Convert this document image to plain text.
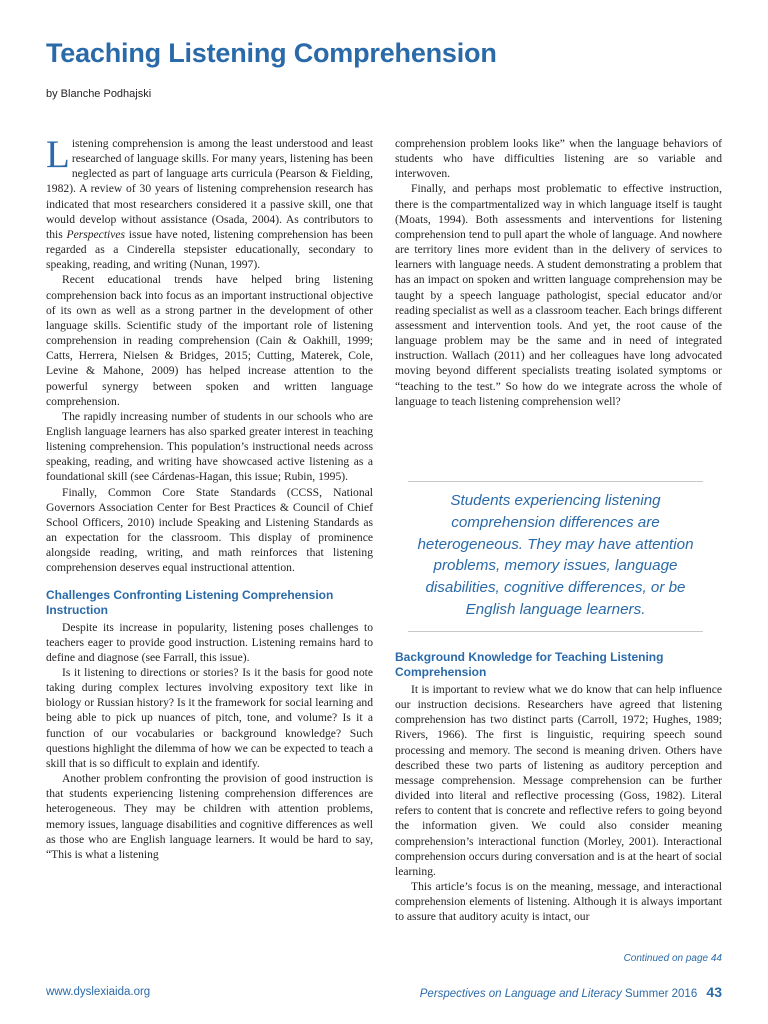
Teaching Listening Comprehension
by Blanche Podhajski

Listening comprehension is among the least understood and least researched of language skills. For many years, listening has been neglected as part of language arts curricula (Pearson & Fielding, 1982). A review of 30 years of listening comprehension research has indicated that most researchers considered it a passive skill, one that would develop without assistance (Osada, 2004). As contributors to this Perspectives issue have noted, listening comprehension has been regarded as a Cinderella stepsister educationally, secondary to speaking, reading, and writing (Nunan, 1997).

Recent educational trends have helped bring listening comprehension back into focus as an important instructional objective of its own as well as a strong partner in the development of other language skills. Scientific study of the important role of listening comprehension in reading comprehension (Cain & Oakhill, 1999; Catts, Herrera, Nielsen & Bridges, 2015; Cutting, Materek, Cole, Levine & Mahone, 2009) has helped increase attention to the powerful synergy between spoken and written language comprehension.

The rapidly increasing number of students in our schools who are English language learners has also sparked greater interest in teaching listening comprehension. This population’s instructional needs across speaking, reading, and writing have showcased active listening as a foundational skill (see Cárdenas-Hagan, this issue; Rubin, 1995).

Finally, Common Core State Standards (CCSS, National Governors Association Center for Best Practices & Council of Chief School Officers, 2010) include Speaking and Listening Standards as an expectation for the classroom. This display of prominence alongside reading, writing, and math reinforces that listening comprehension deserves equal instructional attention.

Challenges Confronting Listening Comprehension Instruction

Despite its increase in popularity, listening poses challenges to teachers eager to provide good instruction. Listening remains hard to define and diagnose (see Farrall, this issue).

Is it listening to directions or stories? Is it the basis for good note taking during complex lectures involving expository text like in biology or Russian history? Is it the framework for social learning and being able to pick up nuances of pitch, tone, and volume? Is it a function of our vocabularies or background knowledge? Such questions highlight the dilemma of how we can be expected to teach a skill that is so difficult to explain and identify.

Another problem confronting the provision of good instruction is that students experiencing listening comprehension differences are heterogeneous. They may be children with attention problems, memory issues, language disabilities and cognitive differences as well as those who are English language learners. It would be hard to say, “This is what a listening

comprehension problem looks like” when the language behaviors of students who have difficulties listening are so variable and interwoven.

Finally, and perhaps most problematic to effective instruction, there is the compartmentalized way in which language itself is taught (Moats, 1994). Both assessments and interventions for listening comprehension tend to pull apart the whole of language. And nowhere are territory lines more evident than in the delivery of services to learners with language needs. A student demonstrating a problem that has an impact on spoken and written language comprehension may be taught by a speech language pathologist, special educator and/or reading specialist as well as a classroom teacher. Each brings different assessment and intervention tools. And yet, the root cause of the language problem may be the same and in need of integrated instruction. Wallach (2011) and her colleagues have long advocated moving beyond different specialists treating isolated symptoms or “teaching to the test.” So how do we integrate across the whole of language to teach listening comprehension well?

Students experiencing listening comprehension differences are heterogeneous. They may have attention problems, memory issues, language disabilities, cognitive differences, or be English language learners.
Background Knowledge for Teaching Listening Comprehension

It is important to review what we do know that can help influence our instruction decisions. Researchers have agreed that listening comprehension has two distinct parts (Carroll, 1972; Hughes, 1989; Rivers, 1966). The first is linguistic, requiring speech sound processing and memory. The second is meaning driven. Others have described these two parts of listening as auditory perception and message comprehension. Message comprehension can be further divided into literal and reflective processing (Goss, 1982). Literal refers to content that is concrete and reflective refers to going beyond the information given. We could also consider meaning comprehension’s interactional function (Morley, 2001). Interactional comprehension occurs during conversation and is at the heart of social learning.

This article’s focus is on the meaning, message, and interactional comprehension elements of listening. Although it is always important to assure that auditory acuity is intact, our

Continued on page 44
www.dyslexiaida.org	Perspectives on Language and Literacy Summer 2016 43
